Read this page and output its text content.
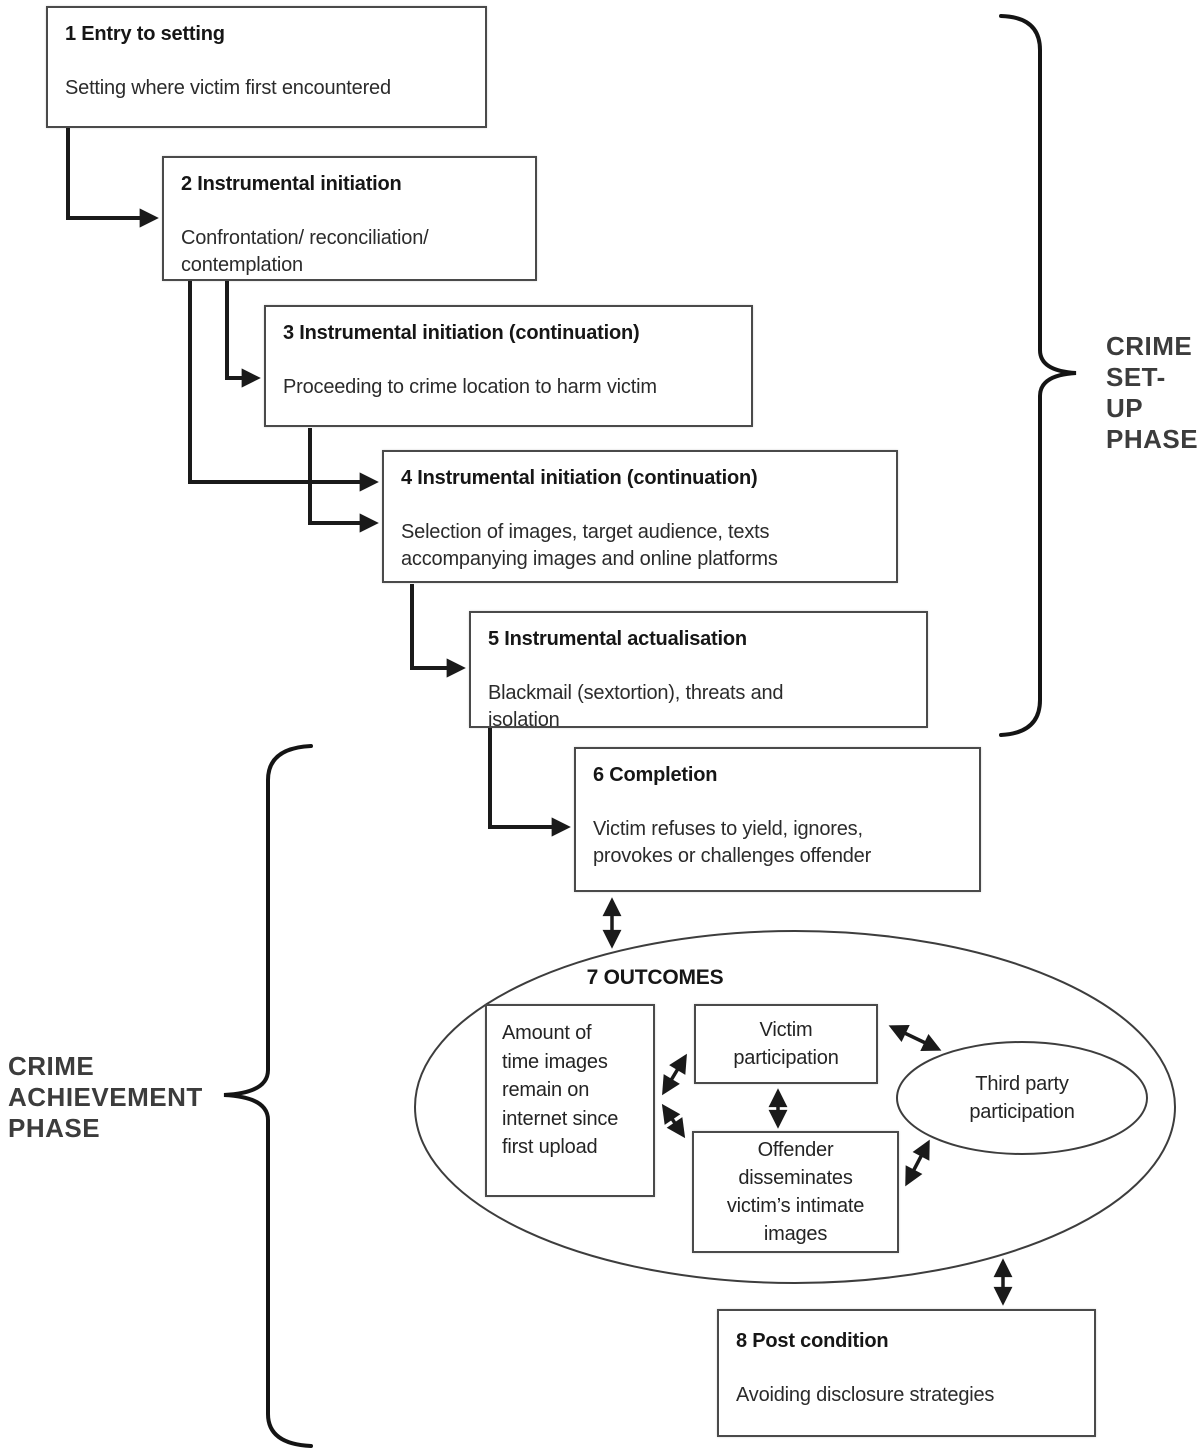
1 Entry to setting
Setting where victim first encountered
2 Instrumental initiation
Confrontation/ reconciliation/ contemplation
3 Instrumental initiation (continuation)
Proceeding to crime location to harm victim
4 Instrumental initiation (continuation)
Selection of images, target audience, texts accompanying images and online platforms
5 Instrumental actualisation
Blackmail (sextortion), threats and isolation
6 Completion
Victim refuses to yield, ignores, provokes or challenges offender
7 OUTCOMES
Amount of time images remain on internet since first upload
Victim participation
Offender disseminates victim’s intimate images
Third party participation
8 Post condition
Avoiding disclosure strategies
CRIME
SET-UP
PHASE
CRIME
ACHIEVEMENT
PHASE
